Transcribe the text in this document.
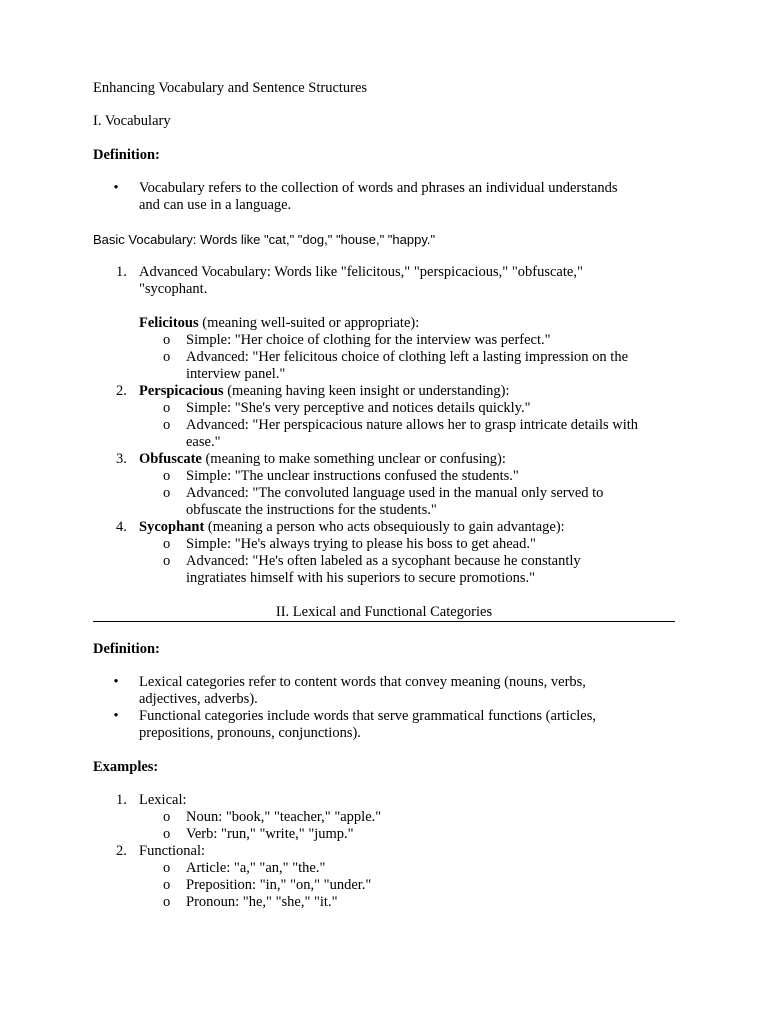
Enhancing Vocabulary and Sentence Structures

I. Vocabulary

Definition:

•	Vocabulary refers to the collection of words and phrases an individual understands
and can use in a language.

Basic Vocabulary: Words like "cat," "dog," "house," "happy."

1. Advanced Vocabulary: Words like "felicitous," "perspicacious," "obfuscate,"
"sycophant.
Felicitous (meaning well-suited or appropriate):
o	Simple: "Her choice of clothing for the interview was perfect."
o	Advanced: "Her felicitous choice of clothing left a lasting impression on the
interview panel."
2. Perspicacious (meaning having keen insight or understanding):
o	Simple: "She's very perceptive and notices details quickly."
o	Advanced: "Her perspicacious nature allows her to grasp intricate details with
ease."
3. Obfuscate (meaning to make something unclear or confusing):
o	Simple: "The unclear instructions confused the students."
o	Advanced: "The convoluted language used in the manual only served to
obfuscate the instructions for the students."
4. Sycophant (meaning a person who acts obsequiously to gain advantage):
o	Simple: "He's always trying to please his boss to get ahead."
o	Advanced: "He's often labeled as a sycophant because he constantly
ingratiates himself with his superiors to secure promotions."
II. Lexical and Functional Categories

Definition:

•	Lexical categories refer to content words that convey meaning (nouns, verbs,
adjectives, adverbs).
•	Functional categories include words that serve grammatical functions (articles,
prepositions, pronouns, conjunctions).

Examples:

1. Lexical:
o	Noun: "book," "teacher," "apple."
o	Verb: "run," "write," "jump."
2. Functional:
o	Article: "a," "an," "the."
o	Preposition: "in," "on," "under."
o	Pronoun: "he," "she," "it."
